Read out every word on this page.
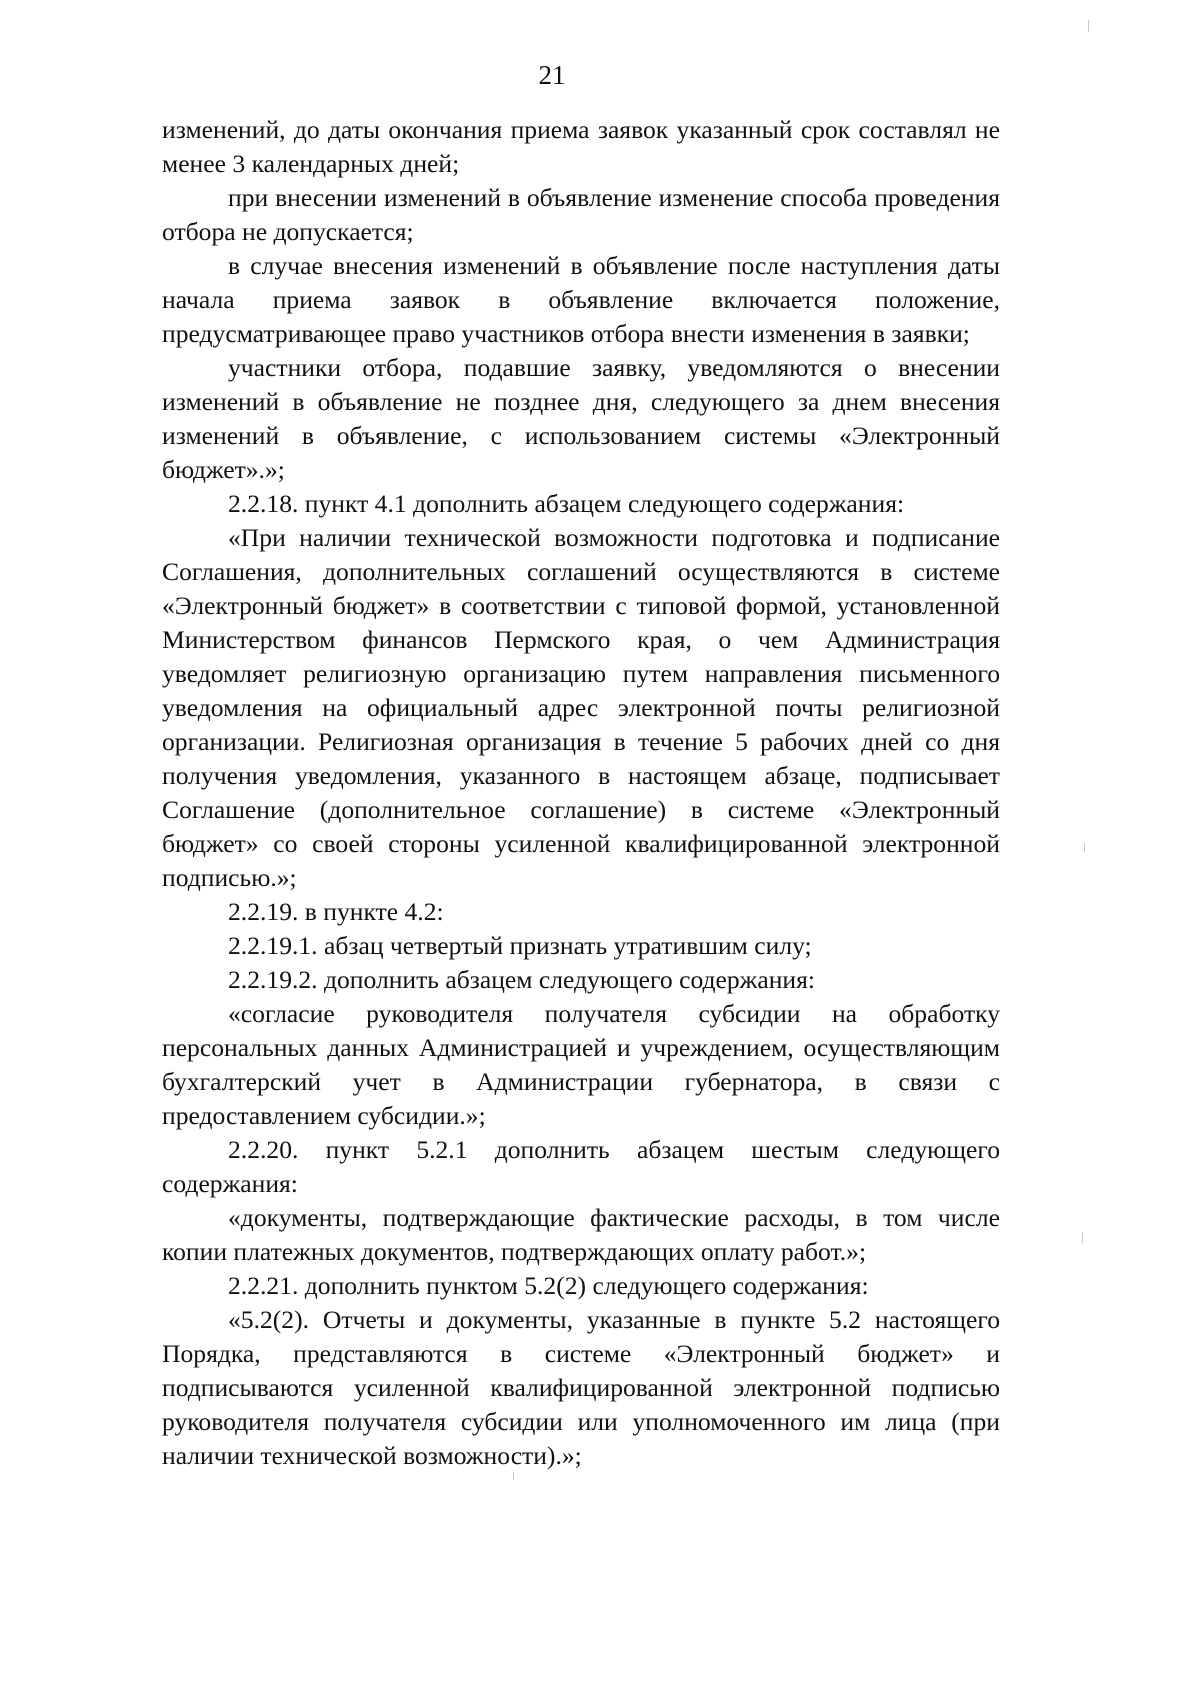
21

изменений, до даты окончания приема заявок указанный срок составлял не менее 3 календарных дней;

при внесении изменений в объявление изменение способа проведения отбора не допускается;

в случае внесения изменений в объявление после наступления даты начала приема заявок в объявление включается положение, предусматривающее право участников отбора внести изменения в заявки;

участники отбора, подавшие заявку, уведомляются о внесении изменений в объявление не позднее дня, следующего за днем внесения изменений в объявление, с использованием системы «Электронный бюджет».»;

2.2.18. пункт 4.1 дополнить абзацем следующего содержания:

«При наличии технической возможности подготовка и подписание Соглашения, дополнительных соглашений осуществляются в системе «Электронный бюджет» в соответствии с типовой формой, установленной Министерством финансов Пермского края, о чем Администрация уведомляет религиозную организацию путем направления письменного уведомления на официальный адрес электронной почты религиозной организации. Религиозная организация в течение 5 рабочих дней со дня получения уведомления, указанного в настоящем абзаце, подписывает Соглашение (дополнительное соглашение) в системе «Электронный бюджет» со своей стороны усиленной квалифицированной электронной подписью.»;

2.2.19. в пункте 4.2:

2.2.19.1. абзац четвертый признать утратившим силу;

2.2.19.2. дополнить абзацем следующего содержания:

«согласие руководителя получателя субсидии на обработку персональных данных Администрацией и учреждением, осуществляющим бухгалтерский учет в Администрации губернатора, в связи с предоставлением субсидии.»;

2.2.20. пункт 5.2.1 дополнить абзацем шестым следующего содержания:

«документы, подтверждающие фактические расходы, в том числе копии платежных документов, подтверждающих оплату работ.»;

2.2.21. дополнить пунктом 5.2(2) следующего содержания:

«5.2(2). Отчеты и документы, указанные в пункте 5.2 настоящего Порядка, представляются в системе «Электронный бюджет» и подписываются усиленной квалифицированной электронной подписью руководителя получателя субсидии или уполномоченного им лица (при наличии технической возможности).»;
